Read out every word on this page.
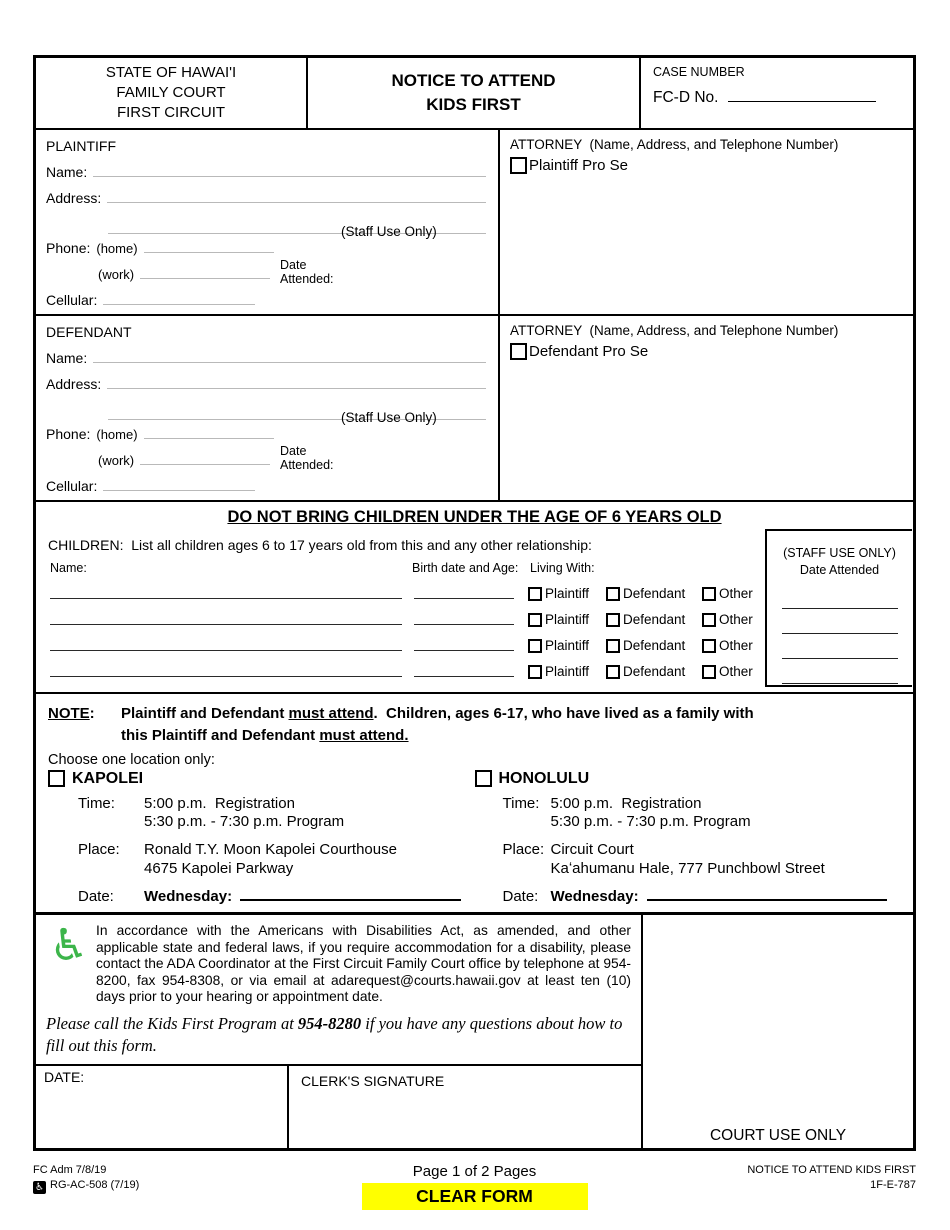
STATE OF HAWAI'I
FAMILY COURT
FIRST CIRCUIT
NOTICE TO ATTEND
KIDS FIRST
CASE NUMBER
FC-D No.
PLAINTIFF
Name:
Address:
(Staff Use Only)
Phone: (home)
(work)
Date
Attended:
Cellular:
ATTORNEY  (Name, Address, and Telephone Number)
Plaintiff Pro Se
DEFENDANT
Name:
Address:
(Staff Use Only)
Phone: (home)
(work)
Date
Attended:
Cellular:
ATTORNEY  (Name, Address, and Telephone Number)
Defendant Pro Se
DO NOT BRING CHILDREN UNDER THE AGE OF 6 YEARS OLD
CHILDREN:  List all children ages 6 to 17 years old from this and any other relationship:	(STAFF USE ONLY)
Date Attended
Name:	Birth date and Age: Living With:
Plaintiff	Defendant Other
Plaintiff	Defendant Other
Plaintiff	Defendant Other
Plaintiff	Defendant Other
NOTE: Plaintiff and Defendant must attend.  Children, ages 6-17, who have lived as a family with
this Plaintiff and Defendant must attend.
Choose one location only:
KAPOLEI
Time:	5:00 p.m.  Registration
5:30 p.m. - 7:30 p.m. Program
Place:	Ronald T.Y. Moon Kapolei Courthouse
4675 Kapolei Parkway
Date:	Wednesday:
HONOLULU
Time: 5:00 p.m.  Registration
5:30 p.m. - 7:30 p.m. Program
Place: Circuit Court
Kaʻahumanu Hale, 777 Punchbowl Street
Date: Wednesday:
♿ In accordance with the Americans with Disabilities Act, as amended, and other applicable state and federal laws, if you require accommodation for a disability, please contact the ADA Coordinator at the First Circuit Family Court office by telephone at 954-8200, fax 954-8308, or via email at adarequest@courts.hawaii.gov at least ten (10) days prior to your hearing or appointment date.

Please call the Kids First Program at 954-8280 if you have any questions about how to fill out this form.
DATE:	CLERK'S SIGNATURE
COURT USE ONLY
FC Adm 7/8/19
♿ RG-AC-508 (7/19)
Page 1 of 2 Pages
CLEAR FORM
NOTICE TO ATTEND KIDS FIRST
1F-E-787
